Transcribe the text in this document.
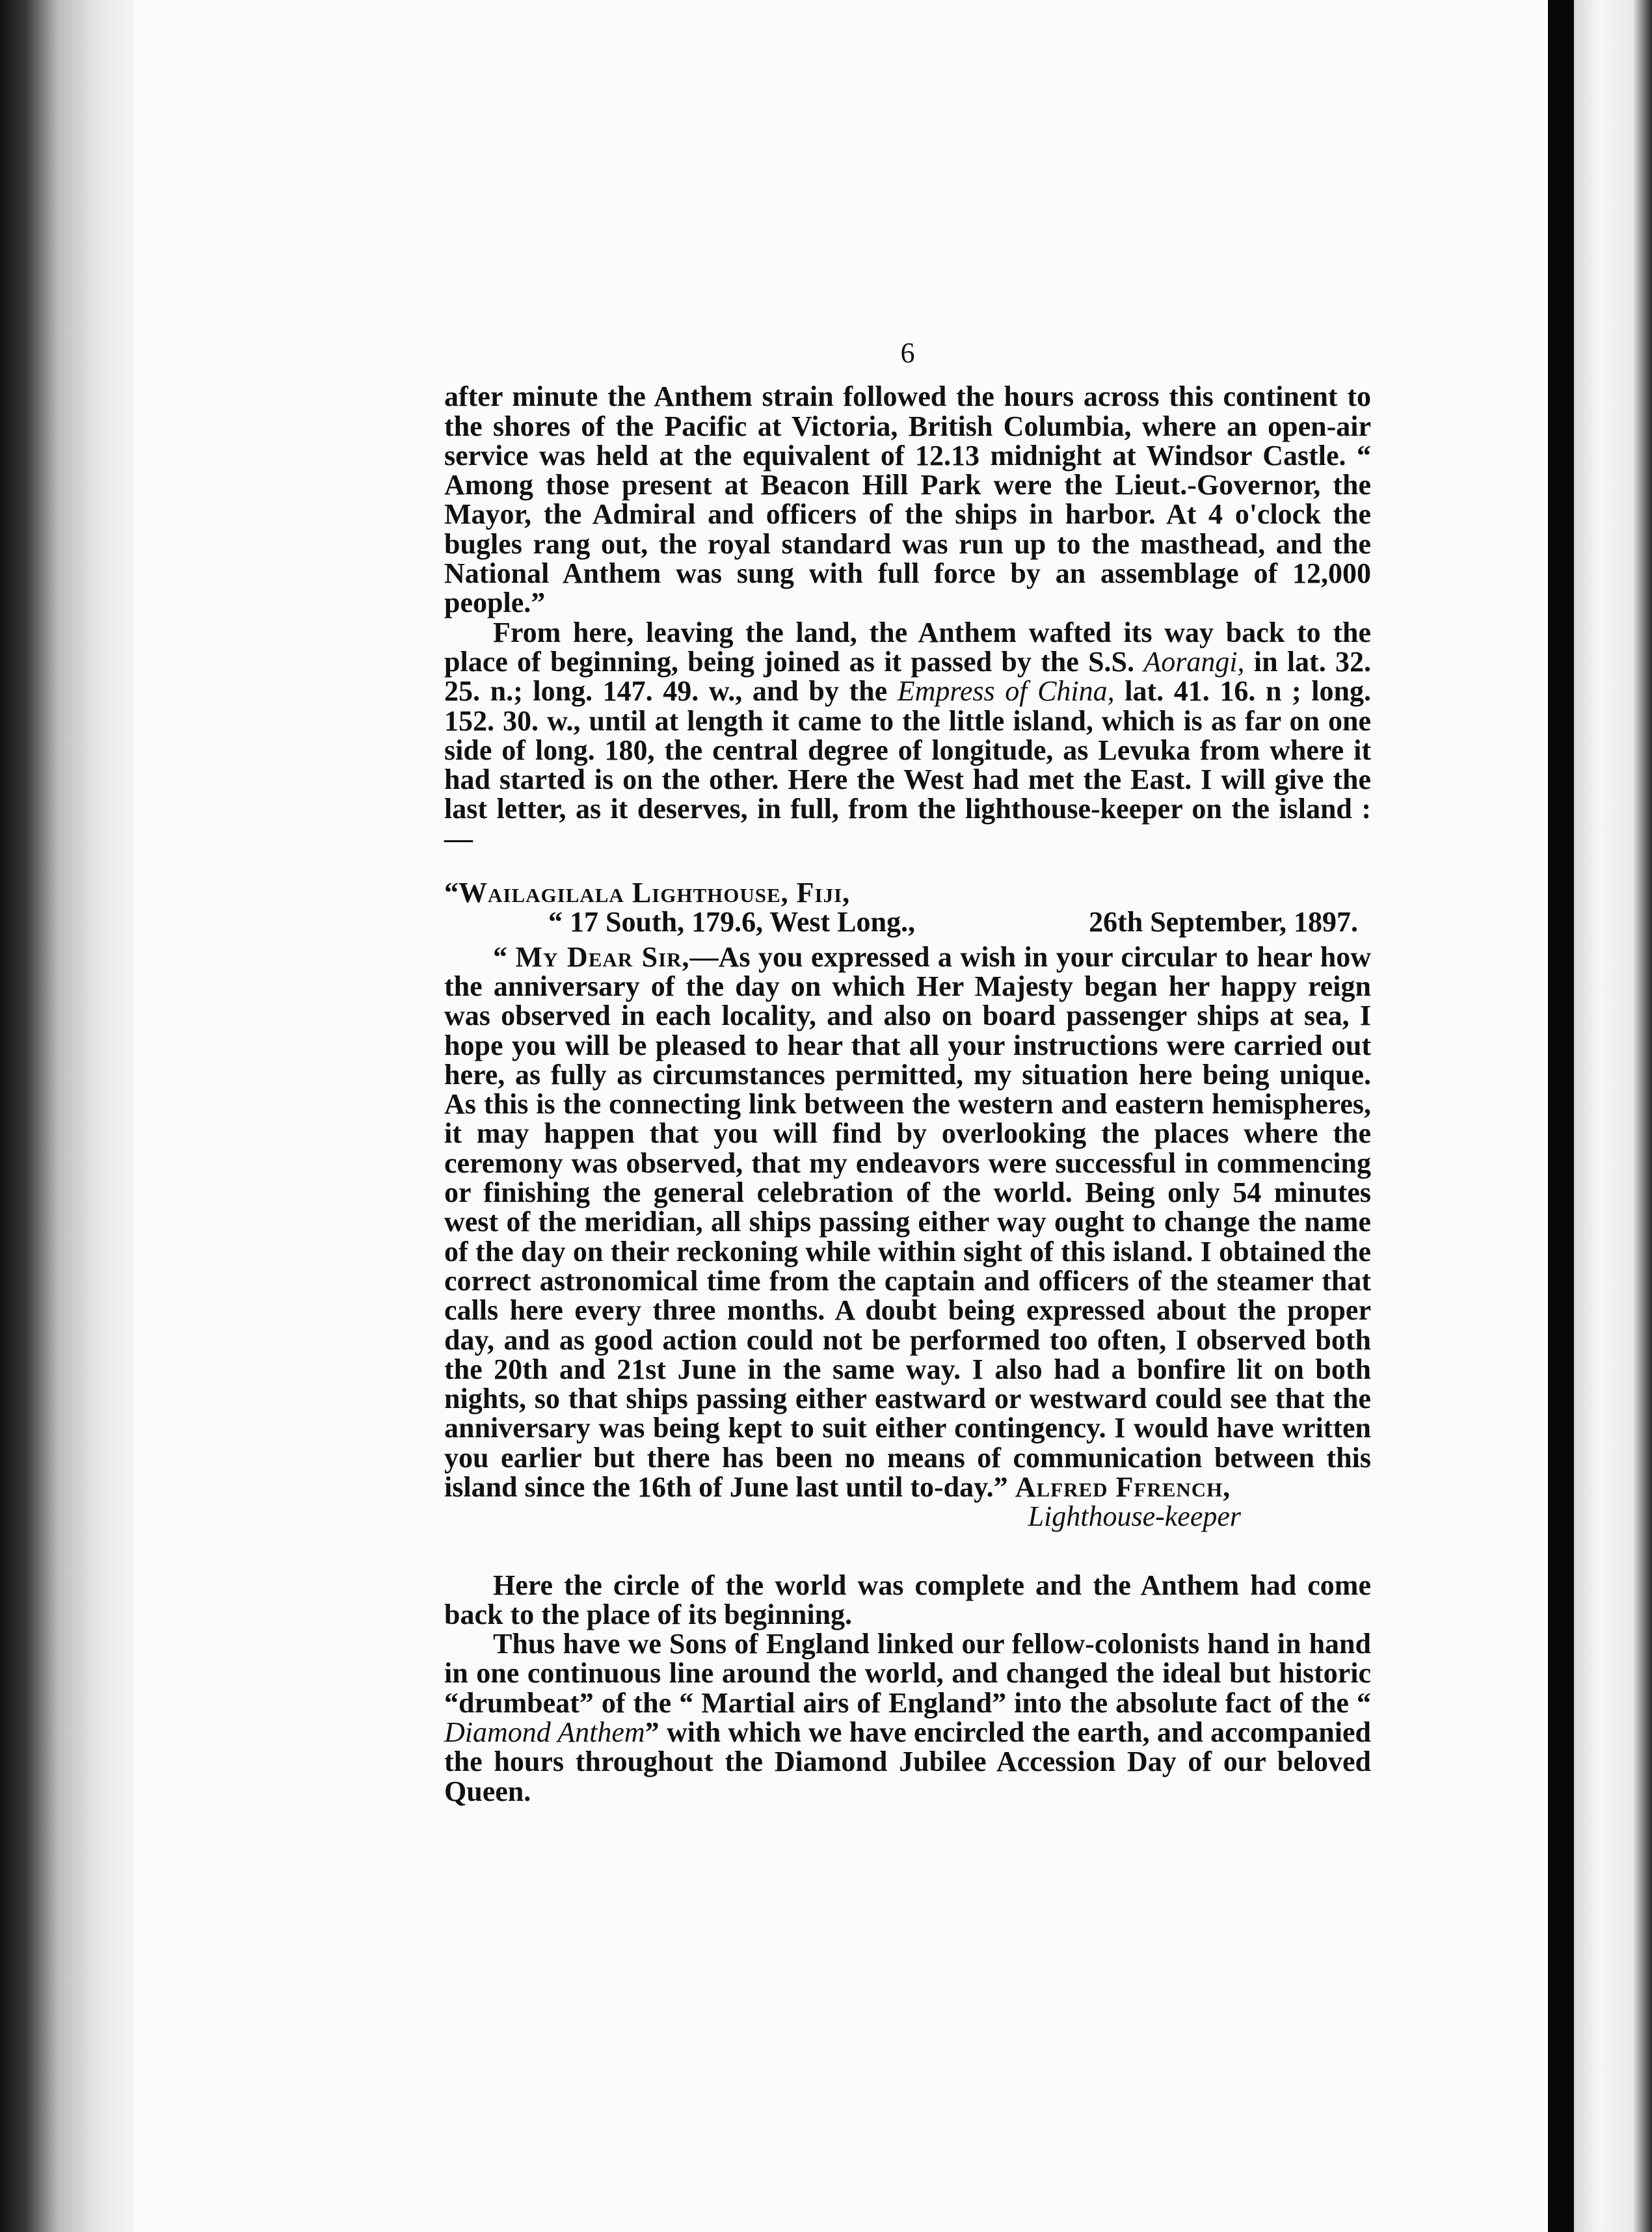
6

after minute the Anthem strain followed the hours across this continent to the shores of the Pacific at Victoria, British Columbia, where an open-air service was held at the equivalent of 12.13 midnight at Windsor Castle. “ Among those present at Beacon Hill Park were the Lieut.-Governor, the Mayor, the Admiral and officers of the ships in harbor. At 4 o'clock the bugles rang out, the royal standard was run up to the masthead, and the National Anthem was sung with full force by an assemblage of 12,000 people.”

From here, leaving the land, the Anthem wafted its way back to the place of beginning, being joined as it passed by the S.S. Aorangi, in lat. 32. 25. n.; long. 147. 49. w., and by the Empress of China, lat. 41. 16. n ; long. 152. 30. w., until at length it came to the little island, which is as far on one side of long. 180, the central degree of longitude, as Levuka from where it had started is on the other. Here the West had met the East. I will give the last letter, as it deserves, in full, from the lighthouse-keeper on the island : —

“Wailagilala Lighthouse, Fiji,
“ 17 South, 179.6, West Long.,	26th September, 1897.

“ My Dear Sir,—As you expressed a wish in your circular to hear how the anniversary of the day on which Her Majesty began her happy reign was observed in each locality, and also on board passenger ships at sea, I hope you will be pleased to hear that all your instructions were carried out here, as fully as circumstances permitted, my situation here being unique. As this is the connecting link between the western and eastern hemispheres, it may happen that you will find by overlooking the places where the ceremony was observed, that my endeavors were successful in commencing or finishing the general celebration of the world. Being only 54 minutes west of the meridian, all ships passing either way ought to change the name of the day on their reckoning while within sight of this island. I obtained the correct astronomical time from the captain and officers of the steamer that calls here every three months. A doubt being expressed about the proper day, and as good action could not be performed too often, I observed both the 20th and 21st June in the same way. I also had a bonfire lit on both nights, so that ships passing either eastward or westward could see that the anniversary was being kept to suit either contingency. I would have written you earlier but there has been no means of communication between this island since the 16th of June last until to-day.” Alfred Ffrench,

Lighthouse-keeper

Here the circle of the world was complete and the Anthem had come back to the place of its beginning.

Thus have we Sons of England linked our fellow-colonists hand in hand in one continuous line around the world, and changed the ideal but historic “drumbeat” of the “ Martial airs of England” into the absolute fact of the “ Diamond Anthem” with which we have encircled the earth, and accompanied the hours throughout the Diamond Jubilee Accession Day of our beloved Queen.
